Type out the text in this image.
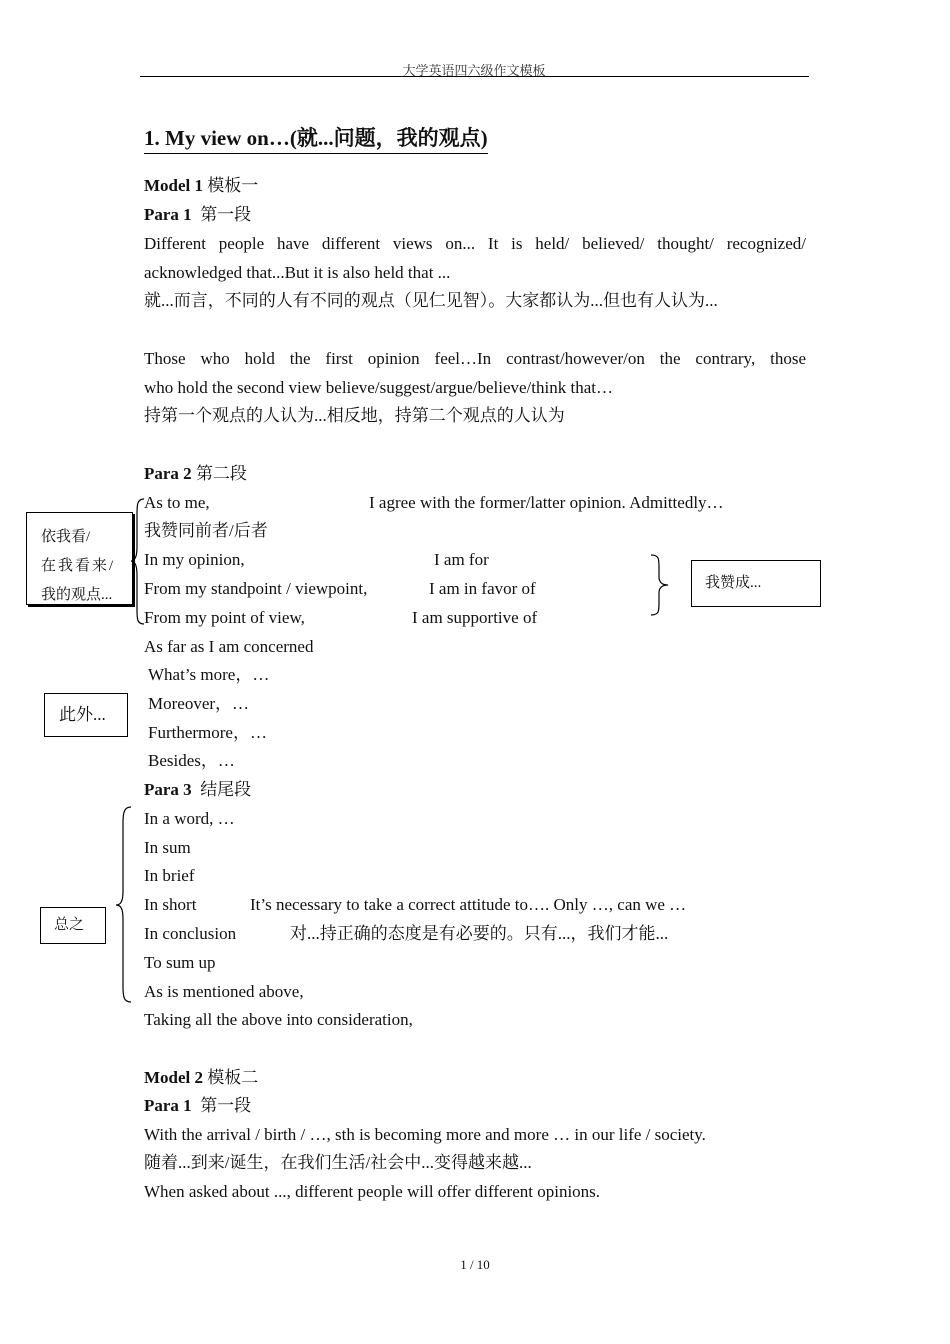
大学英语四六级作文模板
1. My view on…(就...问题，我的观点)
Model 1 模板一
Para 1 第一段
Different people have different views on... It is held/ believed/ thought/ recognized/
acknowledged that...But it is also held that ...
就...而言，不同的人有不同的观点（见仁见智）。大家都认为...但也有人认为...
Those who hold the first opinion feel…In contrast/however/on the contrary, those
who hold the second view believe/suggest/argue/believe/think that…
持第一个观点的人认为...相反地，持第二个观点的人认为
Para 2 第二段
As to me,	I agree with the former/latter opinion. Admittedly…
我赞同前者/后者
In my opinion,	I am for
From my standpoint / viewpoint,	I am in favor of
From my point of view,	I am supportive of
As far as I am concerned
What’s more，…
Moreover，…
Furthermore，…
Besides，…
Para 3 结尾段
In a word, …
In sum
In brief
In short	It’s necessary to take a correct attitude to…. Only …, can we …
In conclusion	对...持正确的态度是有必要的。只有...，我们才能...
To sum up
As is mentioned above,
Taking all the above into consideration,
Model 2 模板二
Para 1 第一段
With the arrival / birth / …, sth is becoming more and more … in our life / society.
随着...到来/诞生，在我们生活/社会中...变得越来越...
When asked about ..., different people will offer different opinions.
依我看/
在我看来/
我的观点...
我赞成...
此外...
总之
1 / 10
